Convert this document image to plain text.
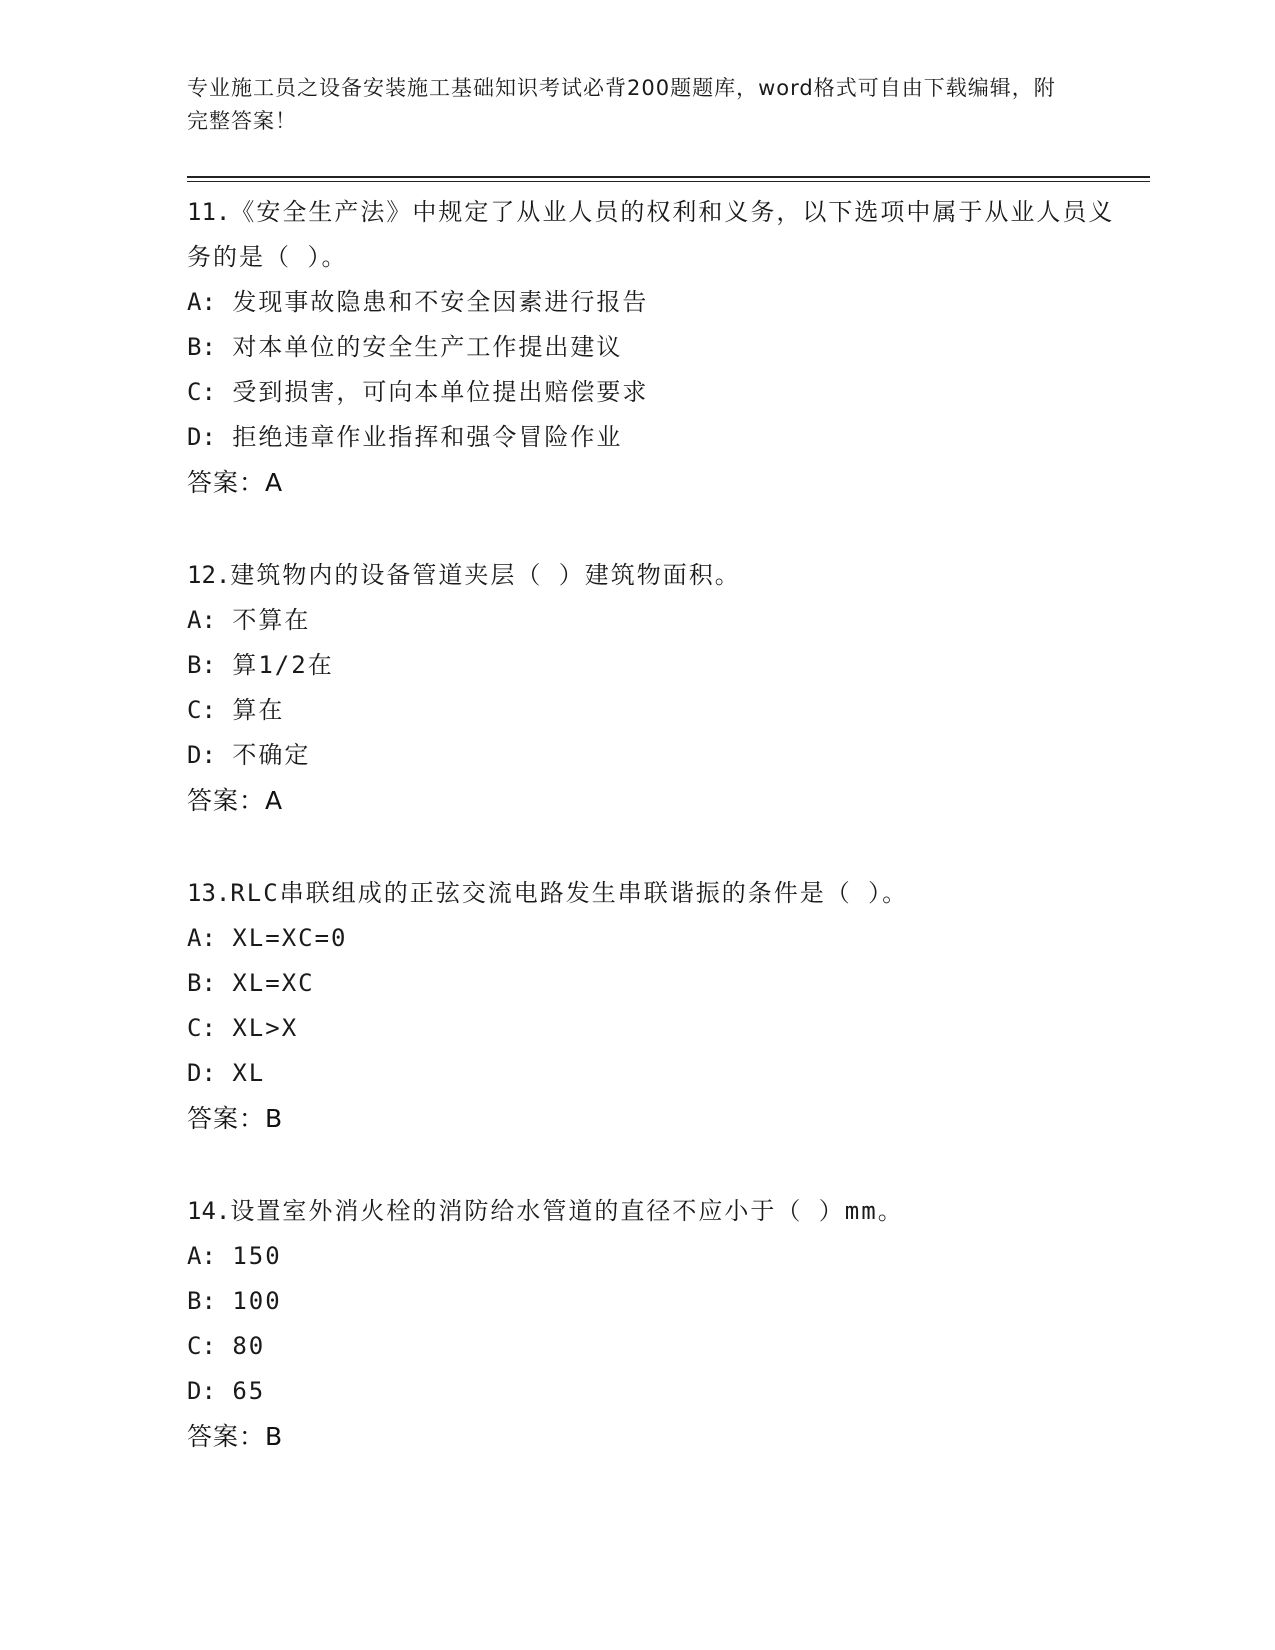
专业施工员之设备安装施工基础知识考试必背200题题库，word格式可自由下载编辑，附完整答案！
11.《安全生产法》中规定了从业人员的权利和义务，以下选项中属于从业人员义务的是（ ）。
A: 发现事故隐患和不安全因素进行报告
B: 对本单位的安全生产工作提出建议
C: 受到损害，可向本单位提出赔偿要求
D: 拒绝违章作业指挥和强令冒险作业
答案：A
12.建筑物内的设备管道夹层（ ）建筑物面积。
A: 不算在
B: 算1/2在
C: 算在
D: 不确定
答案：A
13.RLC串联组成的正弦交流电路发生串联谐振的条件是（ ）。
A: XL=XC=0
B: XL=XC
C: XL>X
D: XL
答案：B
14.设置室外消火栓的消防给水管道的直径不应小于（ ）mm。
A: 150
B: 100
C: 80
D: 65
答案：B
